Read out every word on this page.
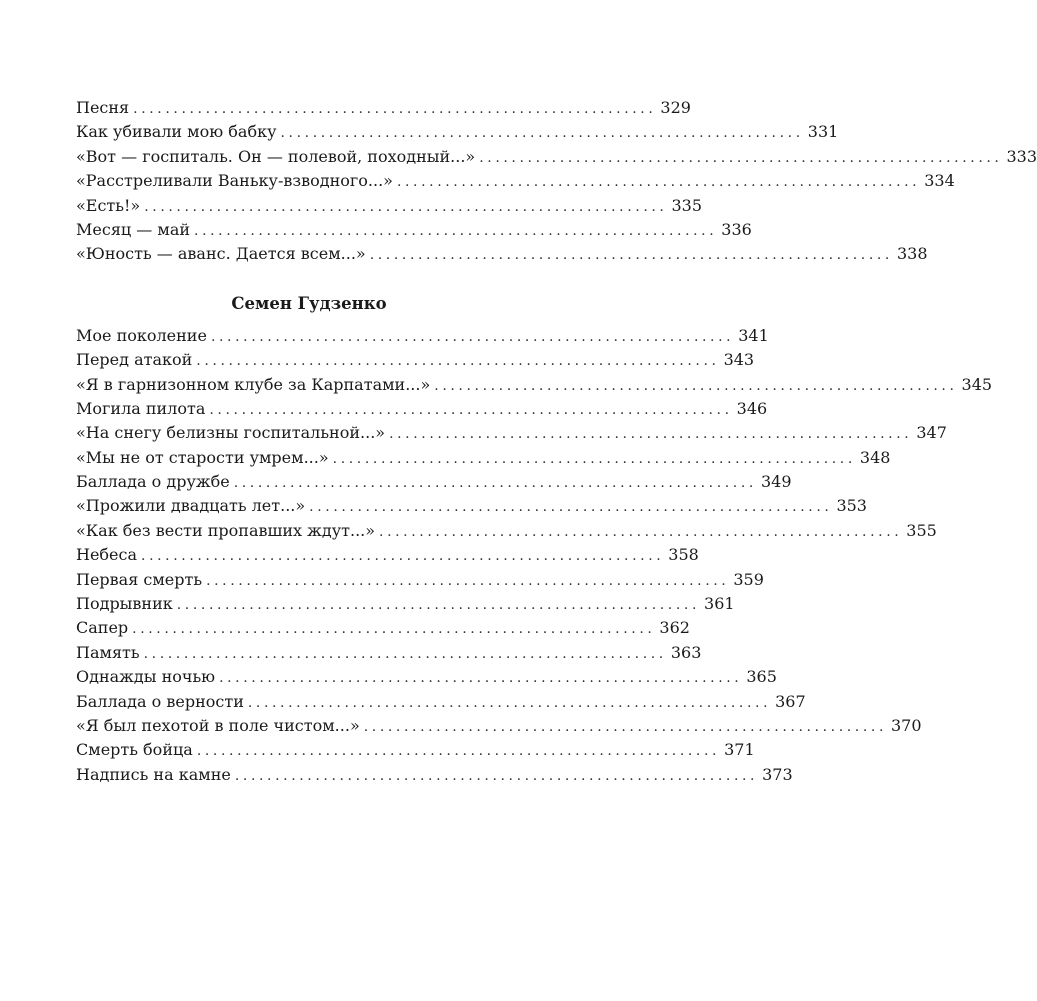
Песня ................................................................. 329
Как убивали мою бабку ................................................................. 331
«Вот — госпиталь. Он — полевой, походный...» ................................................................. 333
«Расстреливали Ваньку-взводного...» ................................................................. 334
«Есть!» ................................................................. 335
Месяц — май ................................................................. 336
«Юность — аванс. Дается всем...» ................................................................. 338
Семен Гудзенко
Мое поколение ................................................................. 341
Перед атакой ................................................................. 343
«Я в гарнизонном клубе за Карпатами...» ................................................................. 345
Могила пилота ................................................................. 346
«На снегу белизны госпитальной...» ................................................................. 347
«Мы не от старости умрем...» ................................................................. 348
Баллада о дружбе ................................................................. 349
«Прожили двадцать лет...» ................................................................. 353
«Как без вести пропавших ждут...» ................................................................. 355
Небеса ................................................................. 358
Первая смерть ................................................................. 359
Подрывник ................................................................. 361
Сапер ................................................................. 362
Память ................................................................. 363
Однажды ночью ................................................................. 365
Баллада о верности ................................................................. 367
«Я был пехотой в поле чистом...» ................................................................. 370
Смерть бойца ................................................................. 371
Надпись на камне ................................................................. 373
